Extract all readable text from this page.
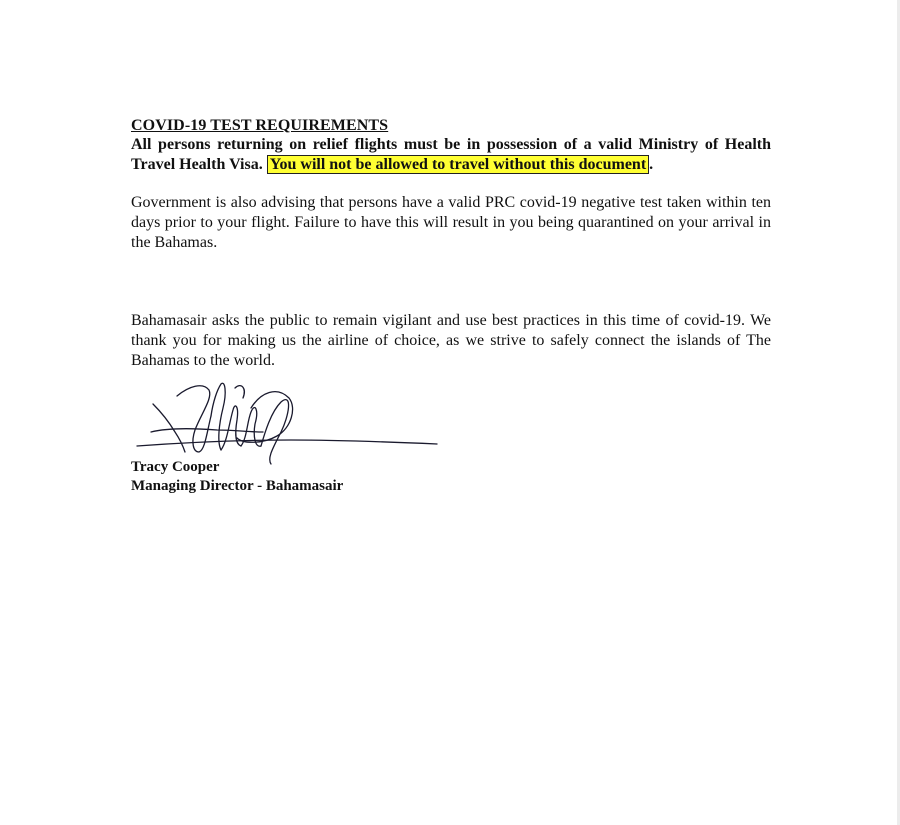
COVID-19 TEST REQUIREMENTS

All persons returning on relief flights must be in possession of a valid Ministry of Health Travel Health Visa. You will not be allowed to travel without this document .

Government is also advising that persons have a valid PRC covid-19 negative test taken within ten days prior to your flight. Failure to have this will result in you being quarantined on your arrival in the Bahamas.

Bahamasair asks the public to remain vigilant and use best practices in this time of covid-19. We thank you for making us the airline of choice, as we strive to safely connect the islands of The Bahamas to the world.

Tracy Cooper

Managing Director - Bahamasair
